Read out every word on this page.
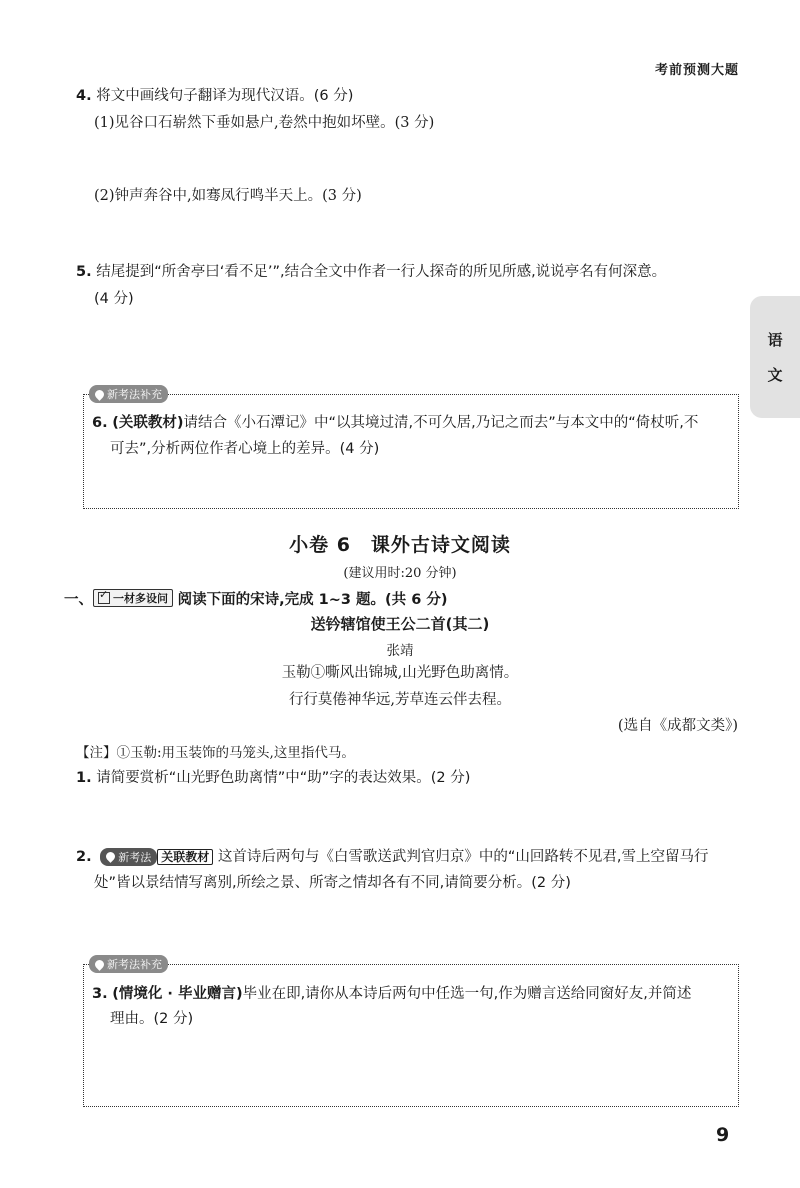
考前预测大题
语
文
4. 将文中画线句子翻译为现代汉语。(6 分)
(1)见谷口石崭然下垂如悬户,卷然中抱如坏壁。(3 分)
(2)钟声奔谷中,如骞凤行鸣半天上。(3 分)
5. 结尾提到“所舍亭曰‘看不足’”,结合全文中作者一行人探奇的所见所感,说说亭名有何深意。
(4 分)
新考法补充
6. (关联教材)请结合《小石潭记》中“以其境过清,不可久居,乃记之而去”与本文中的“倚杖听,不
可去”,分析两位作者心境上的差异。(4 分)
小卷 6　课外古诗文阅读
(建议用时:20 分钟)
一、
✓ 一材多设问 阅读下面的宋诗,完成 1~3 题。(共 6 分)
送钤辖馆使王公二首(其二)
张靖
玉勒①嘶风出锦城,山光野色助离情。
行行莫倦神华远,芳草连云伴去程。
(选自《成都文类》)
【注】①玉勒:用玉装饰的马笼头,这里指代马。
1. 请简要赏析“山光野色助离情”中“助”字的表达效果。(2 分)
2. 新考法 关联教材 这首诗后两句与《白雪歌送武判官归京》中的“山回路转不见君,雪上空留马行
处”皆以景结情写离别,所绘之景、所寄之情却各有不同,请简要分析。(2 分)
新考法补充
3. (情境化 · 毕业赠言)毕业在即,请你从本诗后两句中任选一句,作为赠言送给同窗好友,并简述
理由。(2 分)
9
